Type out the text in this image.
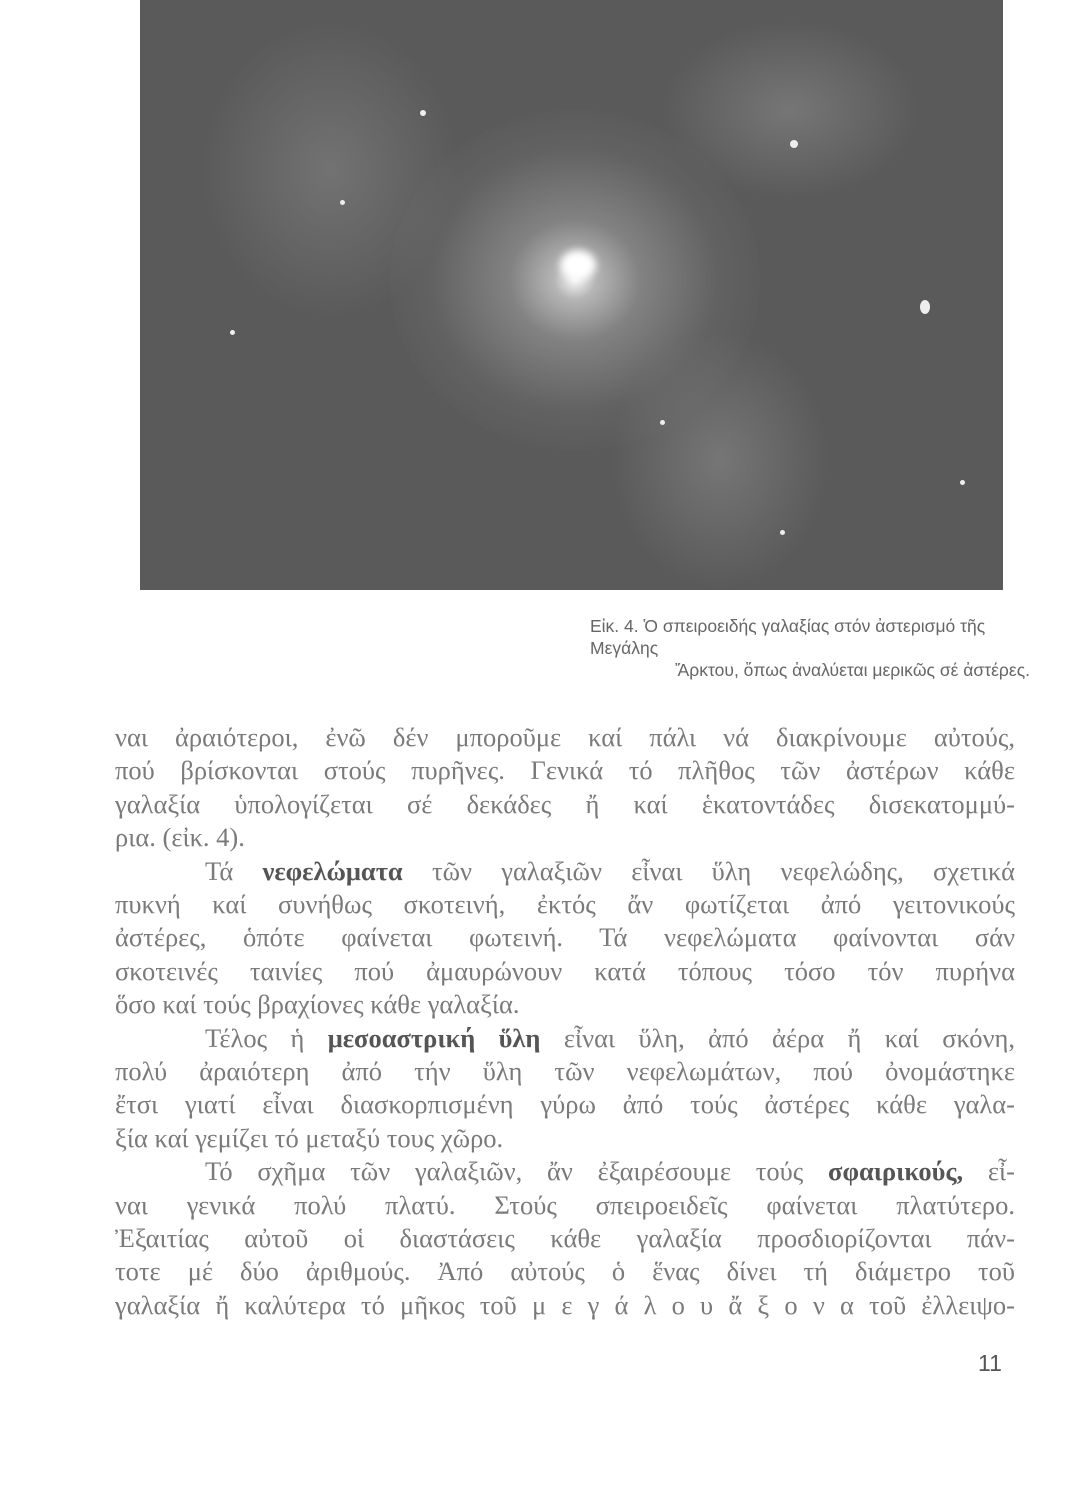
Εἰκ. 4. Ὁ σπειροειδής γαλαξίας στόν ἀστερισμό τῆς Μεγάλης
Ἄρκτου, ὅπως ἀναλύεται μερικῶς σέ ἀστέρες.
ναι ἀραιότεροι, ἐνῶ δέν μποροῦμε καί πάλι νά διακρίνουμε αὐτούς,
πού βρίσκονται στούς πυρῆνες. Γενικά τό πλῆθος τῶν ἀστέρων κάθε
γαλαξία ὑπολογίζεται σέ δεκάδες ἤ καί ἑκατοντάδες δισεκατομμύ-
ρια. (εἰκ. 4).
Τά νεφελώματα τῶν γαλαξιῶν εἶναι ὕλη νεφελώδης, σχετικά
πυκνή καί συνήθως σκοτεινή, ἐκτός ἄν φωτίζεται ἀπό γειτονικούς
ἀστέρες, ὁπότε φαίνεται φωτεινή. Τά νεφελώματα φαίνονται σάν
σκοτεινές ταινίες πού ἀμαυρώνουν κατά τόπους τόσο τόν πυρήνα
ὅσο καί τούς βραχίονες κάθε γαλαξία.
Τέλος ἡ μεσοαστρική ὕλη εἶναι ὕλη, ἀπό ἀέρα ἤ καί σκόνη,
πολύ ἀραιότερη ἀπό τήν ὕλη τῶν νεφελωμάτων, πού ὀνομάστηκε
ἔτσι γιατί εἶναι διασκορπισμένη γύρω ἀπό τούς ἀστέρες κάθε γαλα-
ξία καί γεμίζει τό μεταξύ τους χῶρο.
Τό σχῆμα τῶν γαλαξιῶν, ἄν ἐξαιρέσουμε τούς σφαιρικούς, εἶ-
ναι γενικά πολύ πλατύ. Στούς σπειροειδεῖς φαίνεται πλατύτερο.
Ἐξαιτίας αὐτοῦ οἱ διαστάσεις κάθε γαλαξία προσδιορίζονται πάν-
τοτε μέ δύο ἀριθμούς. Ἀπό αὐτούς ὁ ἕνας δίνει τή διάμετρο τοῦ
γαλαξία ἤ καλύτερα τό μῆκος τοῦ μ ε γ ά λ ο υ ἄ ξ ο ν α τοῦ ἐλλειψο-
11
